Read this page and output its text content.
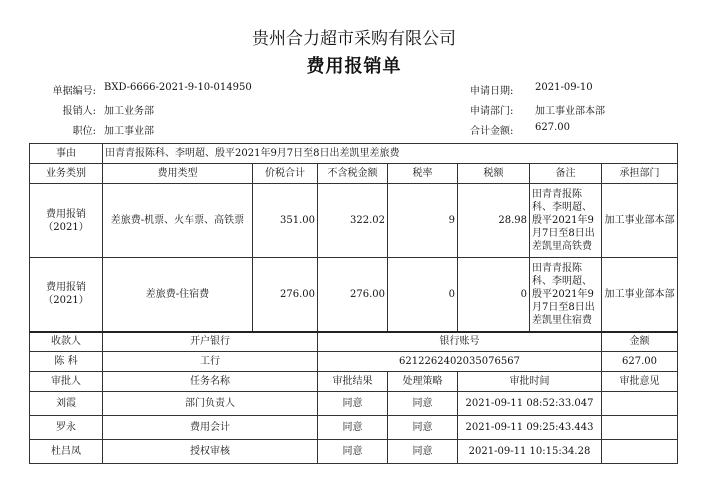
贵州合力超市采购有限公司
费用报销单
单据编号: BXD-6666-2021-9-10-014950
报销人: 加工业务部
职位: 加工事业部
申请日期: 2021-09-10
申请部门: 加工事业部本部
合计金额: 627.00
事由	田青青报陈科、李明超、殷平2021年9月7日至8日出差凯里差旅费						
业务类别	费用类型	价税合计	不含税金额	税率	税额	备注	承担部门
费用报销（2021）	差旅费-机票、火车票、高铁票	351.00	322.02	9	28.98	田青青报陈科、李明超、殷平2021年9月7日至8日出差凯里高铁费	加工事业部本部
费用报销（2021）	差旅费-住宿费	276.00	276.00	0	0	田青青报陈科、李明超、殷平2021年9月7日至8日出差凯里住宿费	加工事业部本部
收款人	开户银行		银行账号				金额
陈 科	工行		6212262402035076567				627.00
审批人	任务名称		审批结果	处理策略	审批时间		审批意见
刘霞	部门负责人		同意	同意	2021-09-11 08:52:33.047		
罗永	费用会计		同意	同意	2021-09-11 09:25:43.443		
杜吕凤	授权审核		同意	同意	2021-09-11 10:15:34.28		
